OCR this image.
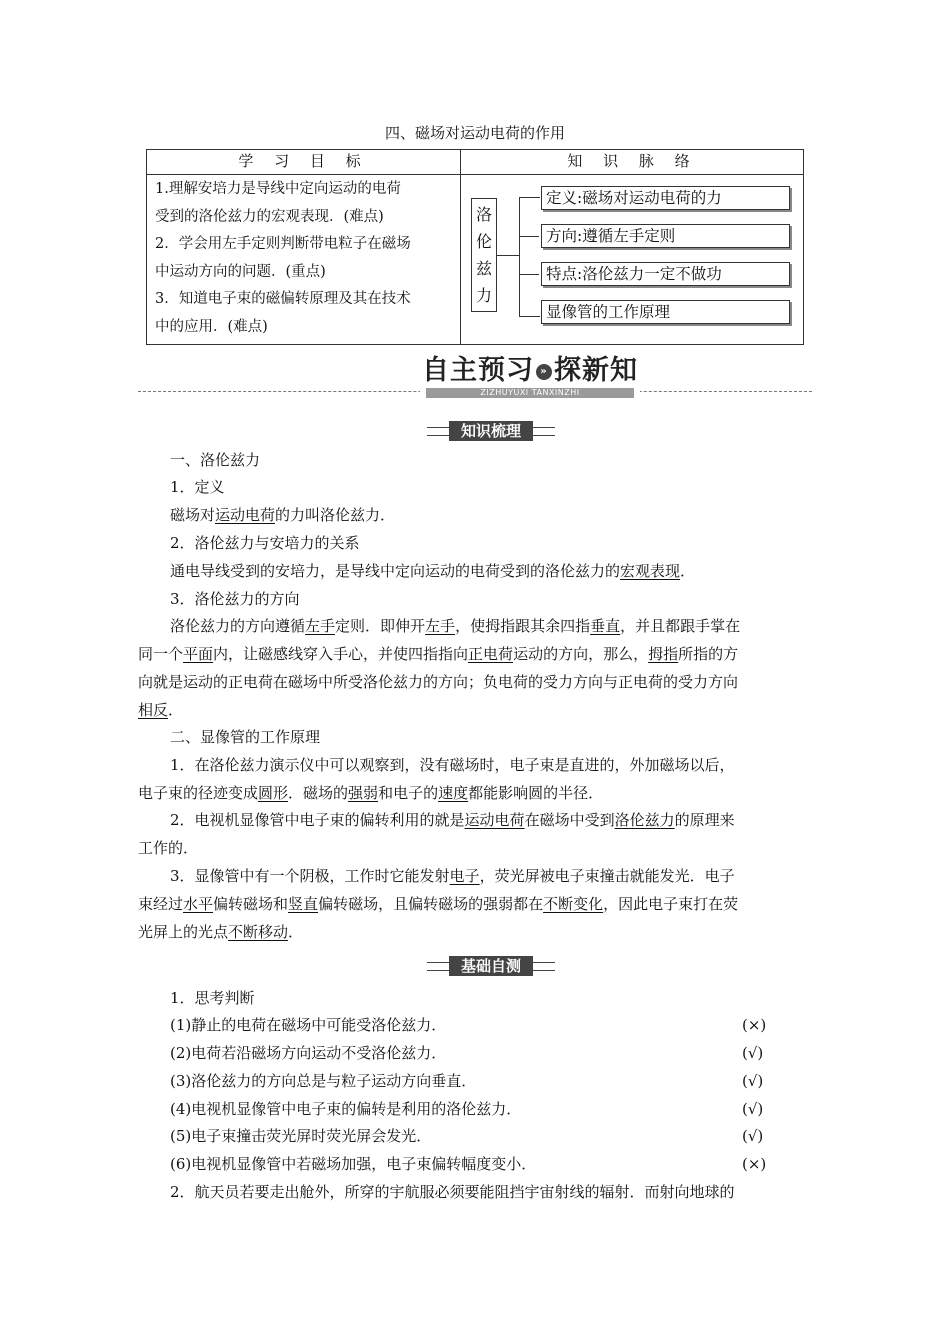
四、磁场对运动电荷的作用
学 习 目 标	知 识 脉 络
1.理解安培力是导线中定向运动的电荷
受到的洛伦兹力的宏观表现．(难点)
2．学会用左手定则判断带电粒子在磁场
中运动方向的问题．(重点)
3．知道电子束的磁偏转原理及其在技术
中的应用．(难点)
洛
伦
兹
力
定义:磁场对运动电荷的力
方向:遵循左手定则
特点:洛伦兹力一定不做功
显像管的工作原理
自主预习 » 探新知
ZIZHUYUXI TANXINZHI
知识梳理
一、洛伦兹力
1．定义
磁场对运动电荷的力叫洛伦兹力．
2．洛伦兹力与安培力的关系
通电导线受到的安培力，是导线中定向运动的电荷受到的洛伦兹力的宏观表现．
3．洛伦兹力的方向
洛伦兹力的方向遵循左手定则．即伸开左手，使拇指跟其余四指垂直，并且都跟手掌在
同一个平面内，让磁感线穿入手心，并使四指指向正电荷运动的方向，那么，拇指所指的方
向就是运动的正电荷在磁场中所受洛伦兹力的方向；负电荷的受力方向与正电荷的受力方向
相反．
二、显像管的工作原理
1．在洛伦兹力演示仪中可以观察到，没有磁场时，电子束是直进的，外加磁场以后，
电子束的径迹变成圆形．磁场的强弱和电子的速度都能影响圆的半径．
2．电视机显像管中电子束的偏转利用的就是运动电荷在磁场中受到洛伦兹力的原理来
工作的．
3．显像管中有一个阴极，工作时它能发射电子，荧光屏被电子束撞击就能发光．电子
束经过水平偏转磁场和竖直偏转磁场，且偏转磁场的强弱都在不断变化，因此电子束打在荧
光屏上的光点不断移动．
基础自测
1．思考判断
(1)静止的电荷在磁场中可能受洛伦兹力．	(×)
(2)电荷若沿磁场方向运动不受洛伦兹力．	(√)
(3)洛伦兹力的方向总是与粒子运动方向垂直．	(√)
(4)电视机显像管中电子束的偏转是利用的洛伦兹力．	(√)
(5)电子束撞击荧光屏时荧光屏会发光．	(√)
(6)电视机显像管中若磁场加强，电子束偏转幅度变小．	(×)
2．航天员若要走出舱外，所穿的宇航服必须要能阻挡宇宙射线的辐射．而射向地球的
